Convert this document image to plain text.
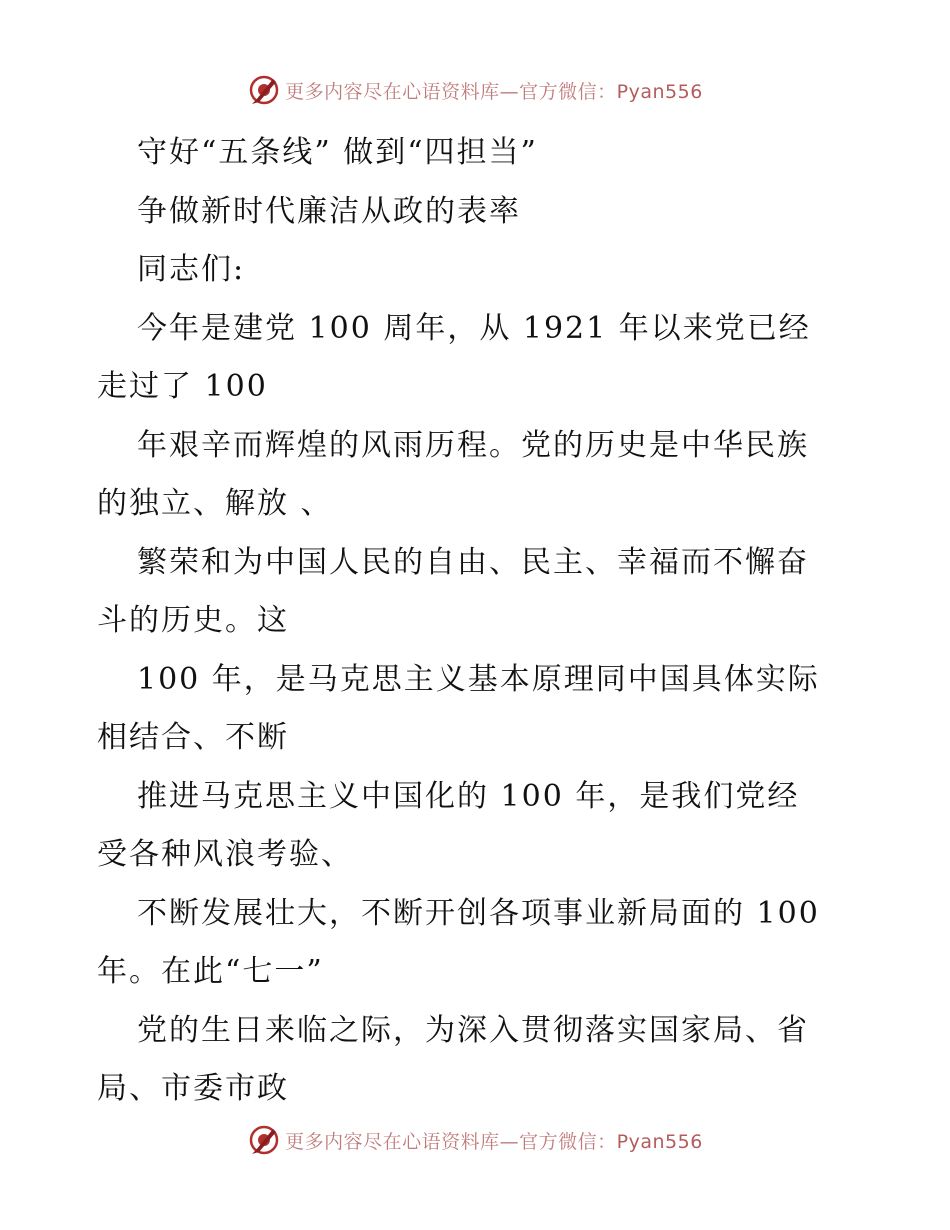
更多内容尽在心语资料库—官方微信：Pyan556
守好“五条线” 做到“四担当”
争做新时代廉洁从政的表率
同志们:
今年是建党 100 周年，从 1921 年以来党已经
走过了 100
年艰辛而辉煌的风雨历程。党的历史是中华民族
的独立、解放 、
繁荣和为中国人民的自由、民主、幸福而不懈奋
斗的历史。这
100 年，是马克思主义基本原理同中国具体实际
相结合、不断
推进马克思主义中国化的 100 年，是我们党经
受各种风浪考验、
不断发展壮大，不断开创各项事业新局面的 100
年。在此“七一”
党的生日来临之际，为深入贯彻落实国家局、省
局、市委市政
更多内容尽在心语资料库—官方微信：Pyan556
